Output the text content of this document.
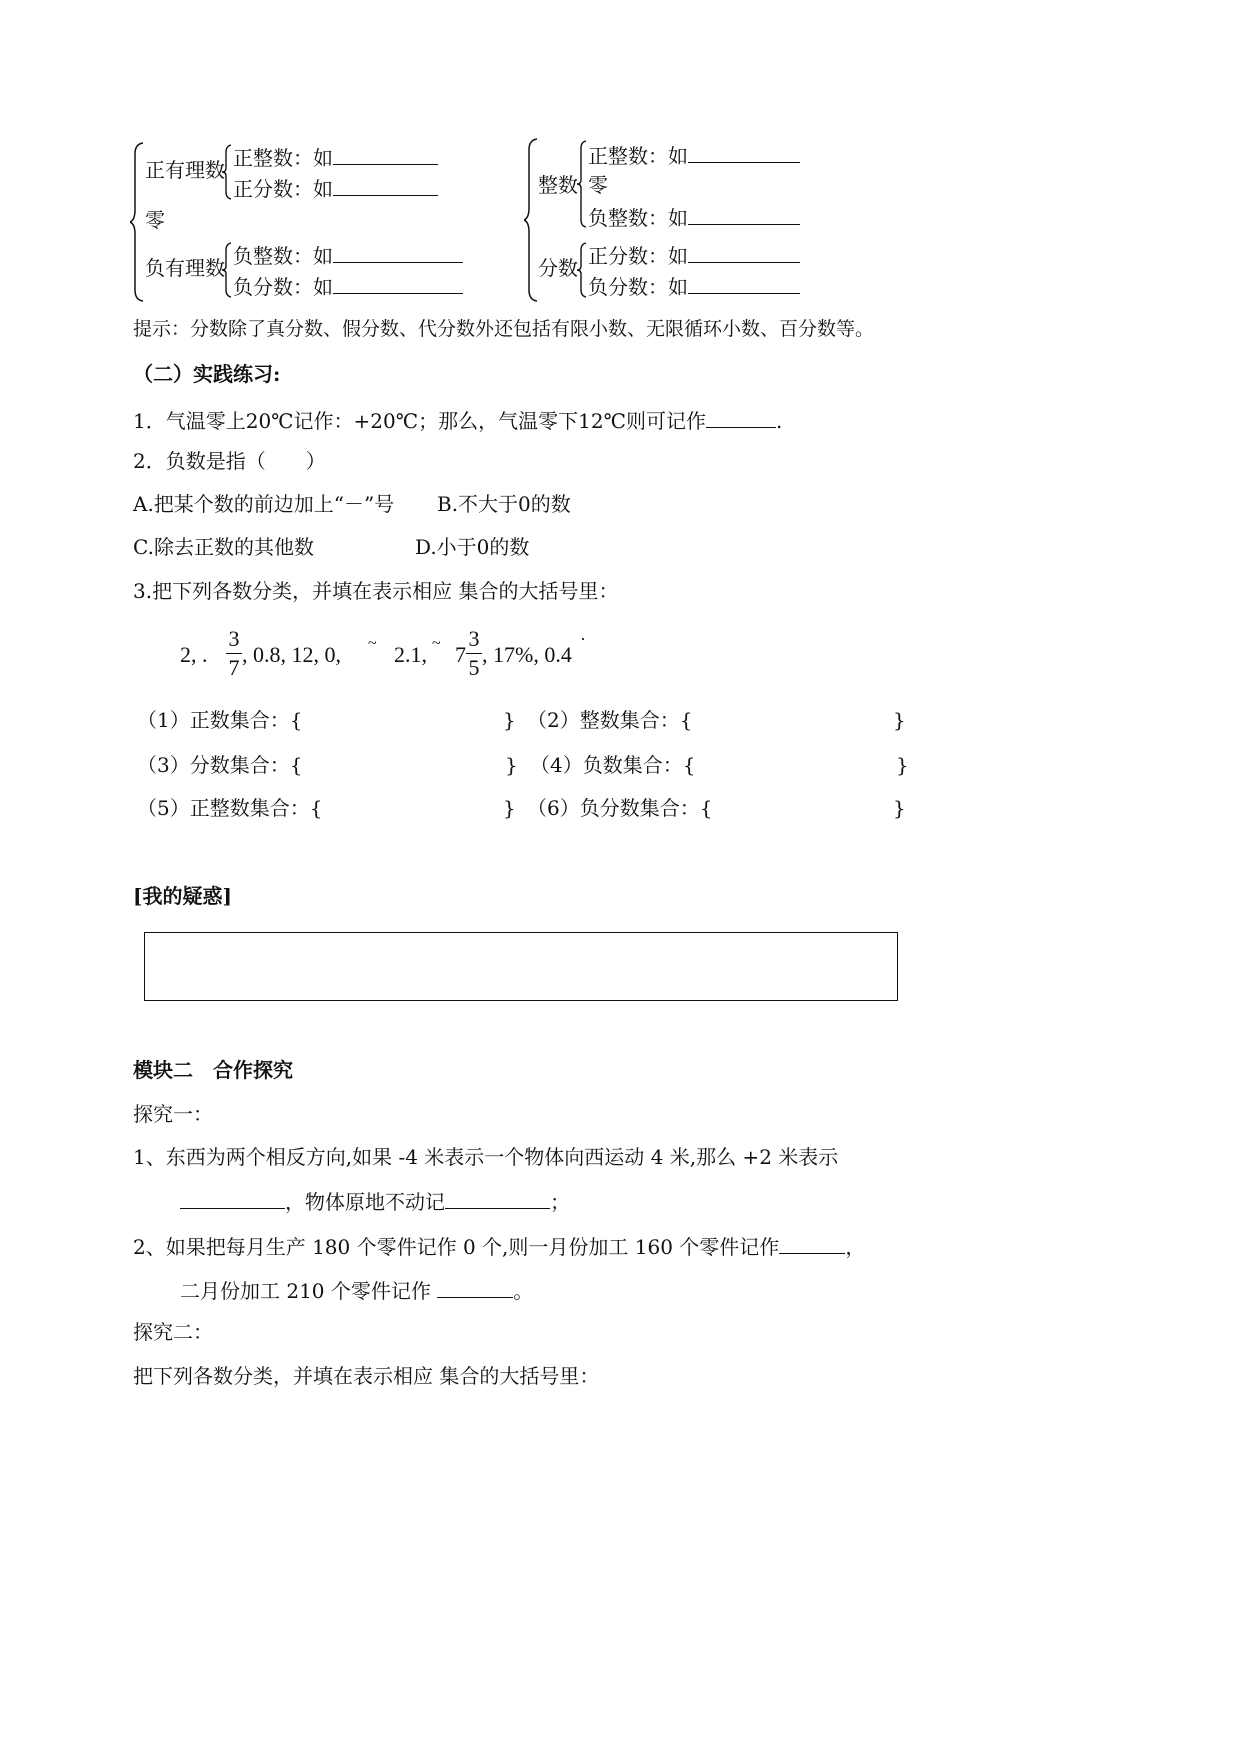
正有理数 正整数：如
正分数：如
零
负有理数 负整数：如
负分数：如
整数
正整数：如
零
负整数：如
分数 正分数：如
负分数：如
提示：分数除了真分数、假分数、代分数外还包括有限小数、无限循环小数、百分数等。
（二）实践练习:
1．气温零上20℃记作：+20℃；那么，气温零下12℃则可记作	.
2．负数是指（　　）
A.把某个数的前边加上“－”号 B.不大于0的数
C.除去正数的其他数	D.小于0的数
3.把下列各数分类，并填在表示相应 集合的大括号里：
2, .
3
7
, 0.8, 12, 0, ~ 2.1, ~ 7
3
5
, 17%, 0.4
·
（1）正数集合：{	} （2）整数集合：{	}
（3）分数集合：{	} （4）负数集合：{	}
（5）正整数集合：{	} （6）负分数集合：{	}
[我的疑惑]
模块二　合作探究
探究一：
1、东西为两个相反方向,如果 -4 米表示一个物体向西运动 4 米,那么 +2 米表示
，物体原地不动记	；
2、如果把每月生产 180 个零件记作 0 个,则一月份加工 160 个零件记作	，
二月份加工 210 个零件记作	。
探究二：
把下列各数分类，并填在表示相应 集合的大括号里：
